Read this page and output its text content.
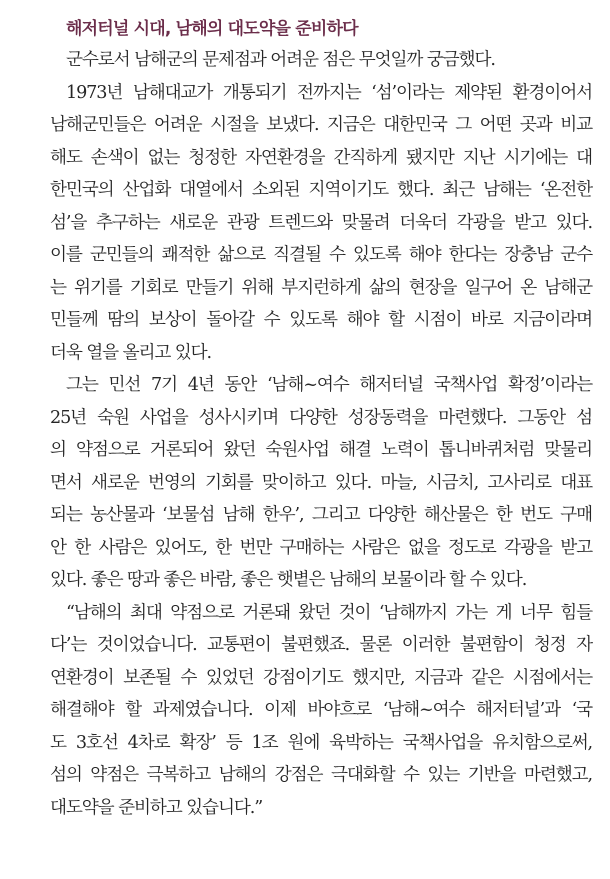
해저터널 시대, 남해의 대도약을 준비하다
군수로서 남해군의 문제점과 어려운 점은 무엇일까 궁금했다.
1973년 남해대교가 개통되기 전까지는 ‘섬’이라는 제약된 환경이어서
남해군민들은 어려운 시절을 보냈다. 지금은 대한민국 그 어떤 곳과 비교
해도 손색이 없는 청정한 자연환경을 간직하게 됐지만 지난 시기에는 대
한민국의 산업화 대열에서 소외된 지역이기도 했다. 최근 남해는 ‘온전한
섬’을 추구하는 새로운 관광 트렌드와 맞물려 더욱더 각광을 받고 있다.
이를 군민들의 쾌적한 삶으로 직결될 수 있도록 해야 한다는 장충남 군수
는 위기를 기회로 만들기 위해 부지런하게 삶의 현장을 일구어 온 남해군
민들께 땀의 보상이 돌아갈 수 있도록 해야 할 시점이 바로 지금이라며
더욱 열을 올리고 있다.
그는 민선 7기 4년 동안 ‘남해~여수 해저터널 국책사업 확정’이라는
25년 숙원 사업을 성사시키며 다양한 성장동력을 마련했다. 그동안 섬
의 약점으로 거론되어 왔던 숙원사업 해결 노력이 톱니바퀴처럼 맞물리
면서 새로운 번영의 기회를 맞이하고 있다. 마늘, 시금치, 고사리로 대표
되는 농산물과 ‘보물섬 남해 한우’, 그리고 다양한 해산물은 한 번도 구매
안 한 사람은 있어도, 한 번만 구매하는 사람은 없을 정도로 각광을 받고
있다. 좋은 땅과 좋은 바람, 좋은 햇볕은 남해의 보물이라 할 수 있다.
“남해의 최대 약점으로 거론돼 왔던 것이 ‘남해까지 가는 게 너무 힘들
다’는 것이었습니다. 교통편이 불편했죠. 물론 이러한 불편함이 청정 자
연환경이 보존될 수 있었던 강점이기도 했지만, 지금과 같은 시점에서는
해결해야 할 과제였습니다. 이제 바야흐로 ‘남해~여수 해저터널’과 ‘국
도 3호선 4차로 확장’ 등 1조 원에 육박하는 국책사업을 유치함으로써,
섬의 약점은 극복하고 남해의 강점은 극대화할 수 있는 기반을 마련했고,
대도약을 준비하고 있습니다.”
